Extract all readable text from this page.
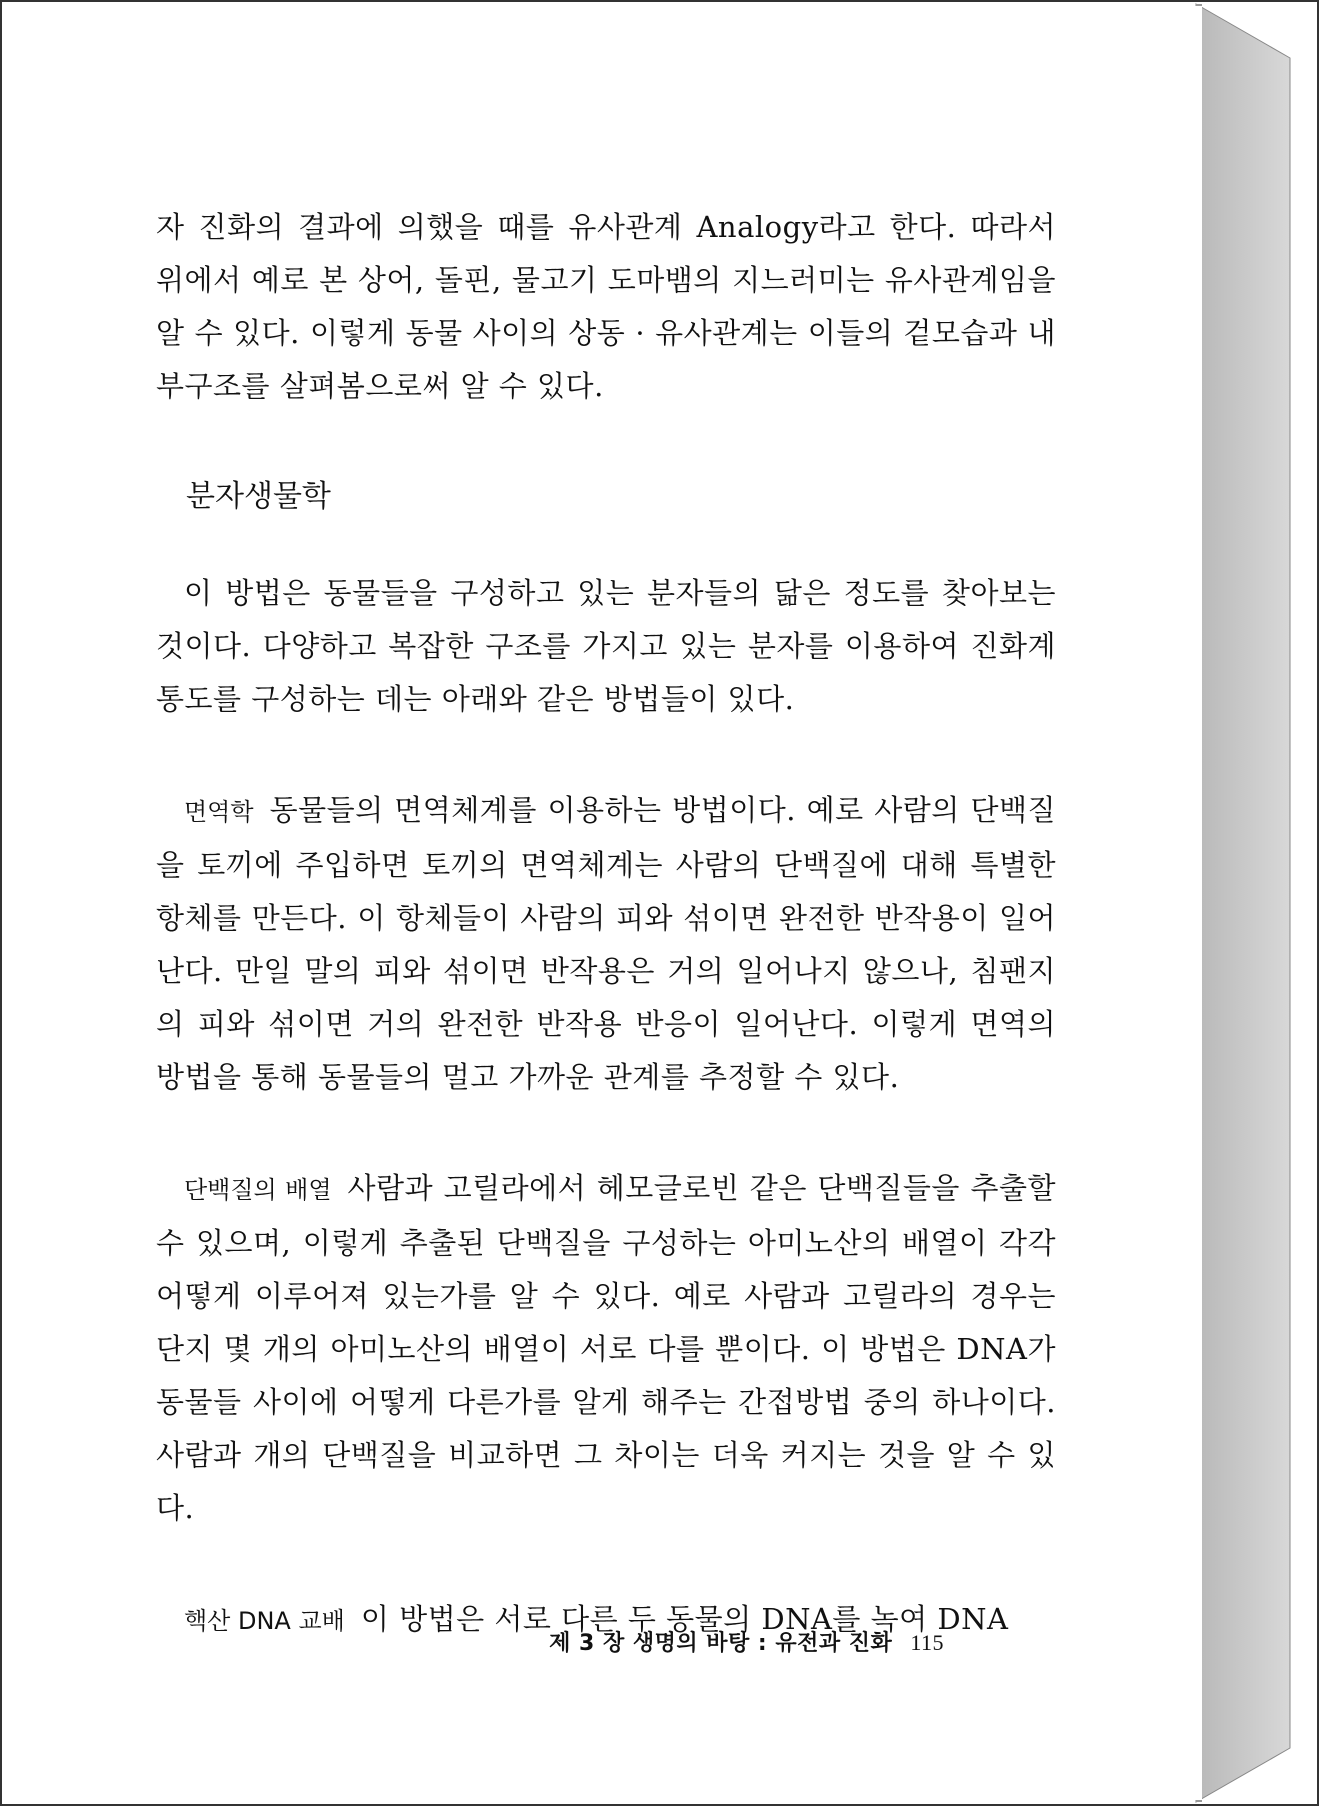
자 진화의 결과에 의했을 때를 유사관계 Analogy라고 한다. 따라서 위에서 예로 본 상어, 돌핀, 물고기 도마뱀의 지느러미는 유사관계임을 알 수 있다. 이렇게 동물 사이의 상동 · 유사관계는 이들의 겉모습과 내부구조를 살펴봄으로써 알 수 있다.

분자생물학

이 방법은 동물들을 구성하고 있는 분자들의 닮은 정도를 찾아보는 것이다. 다양하고 복잡한 구조를 가지고 있는 분자를 이용하여 진화계통도를 구성하는 데는 아래와 같은 방법들이 있다.

면역학 동물들의 면역체계를 이용하는 방법이다. 예로 사람의 단백질을 토끼에 주입하면 토끼의 면역체계는 사람의 단백질에 대해 특별한 항체를 만든다. 이 항체들이 사람의 피와 섞이면 완전한 반작용이 일어난다. 만일 말의 피와 섞이면 반작용은 거의 일어나지 않으나, 침팬지의 피와 섞이면 거의 완전한 반작용 반응이 일어난다. 이렇게 면역의 방법을 통해 동물들의 멀고 가까운 관계를 추정할 수 있다.

단백질의 배열 사람과 고릴라에서 헤모글로빈 같은 단백질들을 추출할 수 있으며, 이렇게 추출된 단백질을 구성하는 아미노산의 배열이 각각 어떻게 이루어져 있는가를 알 수 있다. 예로 사람과 고릴라의 경우는 단지 몇 개의 아미노산의 배열이 서로 다를 뿐이다. 이 방법은 DNA가 동물들 사이에 어떻게 다른가를 알게 해주는 간접방법 중의 하나이다. 사람과 개의 단백질을 비교하면 그 차이는 더욱 커지는 것을 알 수 있다.

핵산 DNA 교배 이 방법은 서로 다른 두 동물의 DNA를 녹여 DNA

제 3 장 생명의 바탕 : 유전과 진화 115
